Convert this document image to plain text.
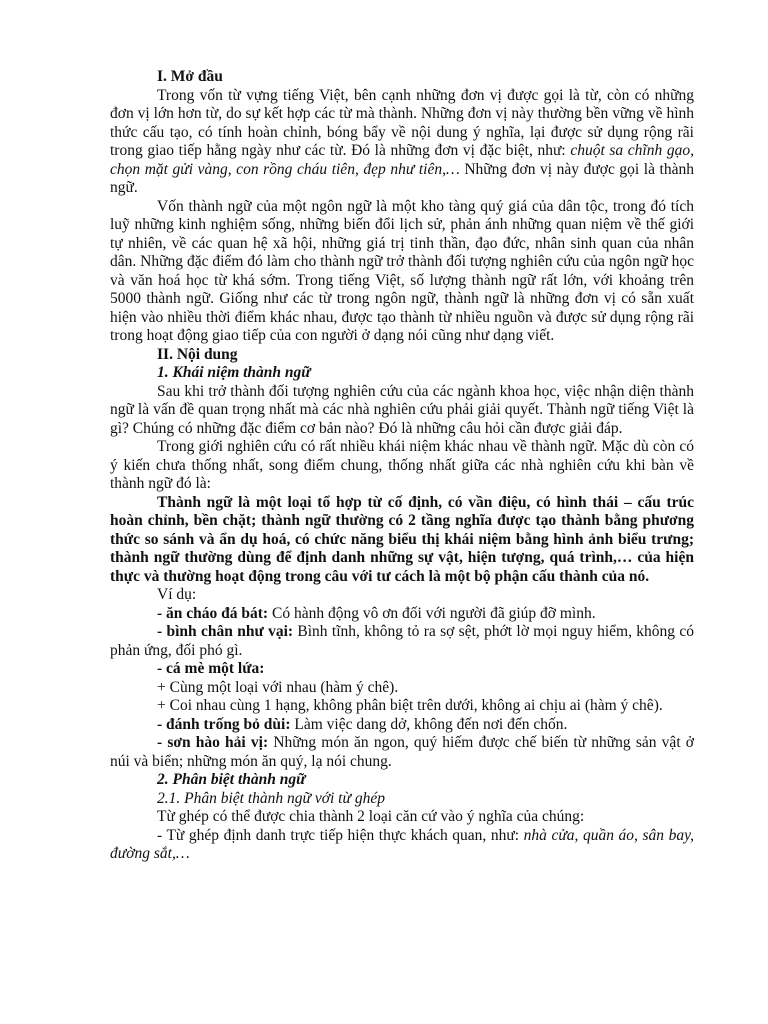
I. Mở đầu

Trong vốn từ vựng tiếng Việt, bên cạnh những đơn vị được gọi là từ, còn có những đơn vị lớn hơn từ, do sự kết hợp các từ mà thành. Những đơn vị này thường bền vững về hình thức cấu tạo, có tính hoàn chỉnh, bóng bẩy về nội dung ý nghĩa, lại được sử dụng rộng rãi trong giao tiếp hằng ngày như các từ. Đó là những đơn vị đặc biệt, như: chuột sa chĩnh gạo, chọn mặt gửi vàng, con rồng cháu tiên, đẹp như tiên,… Những đơn vị này được gọi là thành ngữ.

Vốn thành ngữ của một ngôn ngữ là một kho tàng quý giá của dân tộc, trong đó tích luỹ những kinh nghiệm sống, những biến đổi lịch sử, phản ánh những quan niệm về thế giới tự nhiên, về các quan hệ xã hội, những giá trị tinh thần, đạo đức, nhân sinh quan của nhân dân. Những đặc điểm đó làm cho thành ngữ trở thành đối tượng nghiên cứu của ngôn ngữ học và văn hoá học từ khá sớm. Trong tiếng Việt, số lượng thành ngữ rất lớn, với khoảng trên 5000 thành ngữ. Giống như các từ trong ngôn ngữ, thành ngữ là những đơn vị có sẵn xuất hiện vào nhiều thời điểm khác nhau, được tạo thành từ nhiều nguồn và được sử dụng rộng rãi trong hoạt động giao tiếp của con người ở dạng nói cũng như dạng viết.

II. Nội dung

1. Khái niệm thành ngữ

Sau khi trở thành đối tượng nghiên cứu của các ngành khoa học, việc nhận diện thành ngữ là vấn đề quan trọng nhất mà các nhà nghiên cứu phải giải quyết. Thành ngữ tiếng Việt là gì? Chúng có những đặc điểm cơ bản nào? Đó là những câu hỏi cần được giải đáp.

Trong giới nghiên cứu có rất nhiều khái niệm khác nhau về thành ngữ. Mặc dù còn có ý kiến chưa thống nhất, song điểm chung, thống nhất giữa các nhà nghiên cứu khi bàn về thành ngữ đó là:

Thành ngữ là một loại tổ hợp từ cố định, có vần điệu, có hình thái – cấu trúc hoàn chỉnh, bền chặt; thành ngữ thường có 2 tầng nghĩa được tạo thành bằng phương thức so sánh và ẩn dụ hoá, có chức năng biểu thị khái niệm bằng hình ảnh biểu trưng; thành ngữ thường dùng để định danh những sự vật, hiện tượng, quá trình,… của hiện thực và thường hoạt động trong câu với tư cách là một bộ phận cấu thành của nó.

Ví dụ:

- ăn cháo đá bát: Có hành động vô ơn đối với người đã giúp đỡ mình.

- bình chân như vại: Bình tĩnh, không tỏ ra sợ sệt, phớt lờ mọi nguy hiểm, không có phản ứng, đối phó gì.

- cá mè một lứa:

+ Cùng một loại với nhau (hàm ý chê).

+ Coi nhau cùng 1 hạng, không phân biệt trên dưới, không ai chịu ai (hàm ý chê).

- đánh trống bỏ dùi: Làm việc dang dở, không đến nơi đến chốn.

- sơn hào hải vị: Những món ăn ngon, quý hiếm được chế biến từ những sản vật ở núi và biển; những món ăn quý, lạ nói chung.

2. Phân biệt thành ngữ

2.1. Phân biệt thành ngữ với từ ghép

Từ ghép có thể được chia thành 2 loại căn cứ vào ý nghĩa của chúng:

- Từ ghép định danh trực tiếp hiện thực khách quan, như: nhà cửa, quần áo, sân bay, đường sắt,…
